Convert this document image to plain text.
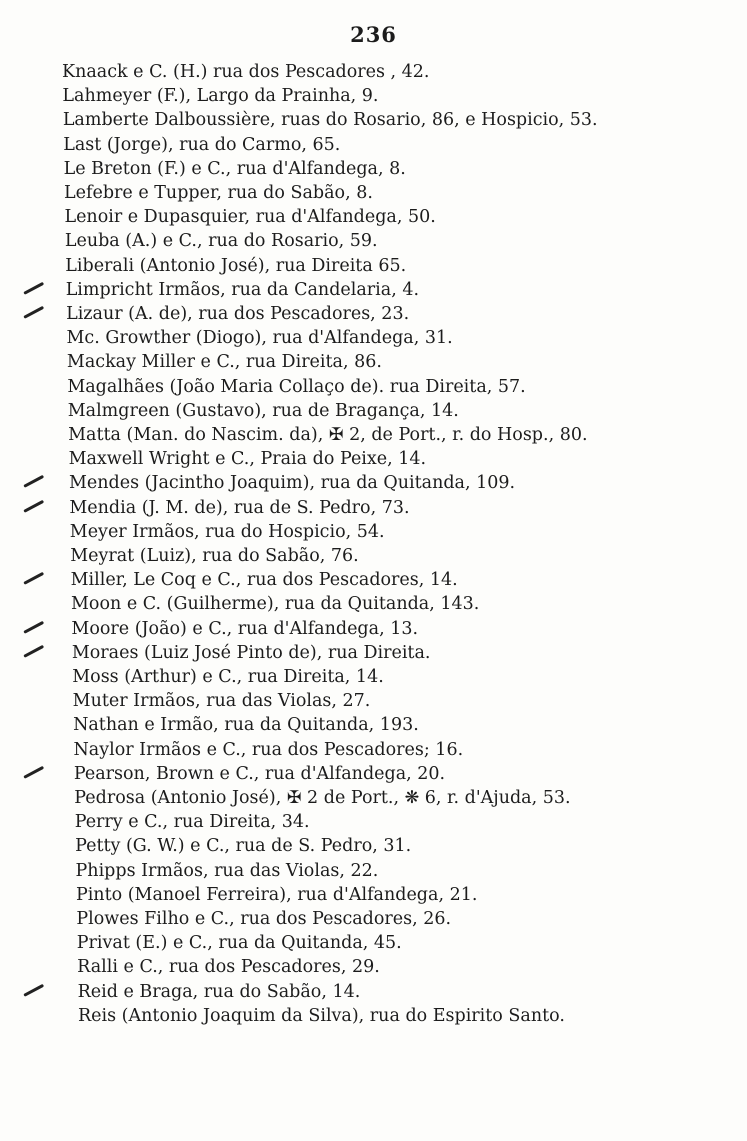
236
Knaack e C. (H.) rua dos Pescadores , 42.
Lahmeyer (F.), Largo da Prainha, 9.
Lamberte Dalboussière, ruas do Rosario, 86, e Hospicio, 53.
Last (Jorge), rua do Carmo, 65.
Le Breton (F.) e C., rua d'Alfandega, 8.
Lefebre e Tupper, rua do Sabão, 8.
Lenoir e Dupasquier, rua d'Alfandega, 50.
Leuba (A.) e C., rua do Rosario, 59.
Liberali (Antonio José), rua Direita 65.
Limpricht Irmãos, rua da Candelaria, 4.
Lizaur (A. de), rua dos Pescadores, 23.
Mc. Growther (Diogo), rua d'Alfandega, 31.
Mackay Miller e C., rua Direita, 86.
Magalhães (João Maria Collaço de). rua Direita, 57.
Malmgreen (Gustavo), rua de Bragança, 14.
Matta (Man. do Nascim. da), ✠ 2, de Port., r. do Hosp., 80.
Maxwell Wright e C., Praia do Peixe, 14.
Mendes (Jacintho Joaquim), rua da Quitanda, 109.
Mendia (J. M. de), rua de S. Pedro, 73.
Meyer Irmãos, rua do Hospicio, 54.
Meyrat (Luiz), rua do Sabão, 76.
Miller, Le Coq e C., rua dos Pescadores, 14.
Moon e C. (Guilherme), rua da Quitanda, 143.
Moore (João) e C., rua d'Alfandega, 13.
Moraes (Luiz José Pinto de), rua Direita.
Moss (Arthur) e C., rua Direita, 14.
Muter Irmãos, rua das Violas, 27.
Nathan e Irmão, rua da Quitanda, 193.
Naylor Irmãos e C., rua dos Pescadores; 16.
Pearson, Brown e C., rua d'Alfandega, 20.
Pedrosa (Antonio José), ✠ 2 de Port., ❋ 6, r. d'Ajuda, 53.
Perry e C., rua Direita, 34.
Petty (G. W.) e C., rua de S. Pedro, 31.
Phipps Irmãos, rua das Violas, 22.
Pinto (Manoel Ferreira), rua d'Alfandega, 21.
Plowes Filho e C., rua dos Pescadores, 26.
Privat (E.) e C., rua da Quitanda, 45.
Ralli e C., rua dos Pescadores, 29.
Reid e Braga, rua do Sabão, 14.
Reis (Antonio Joaquim da Silva), rua do Espirito Santo.
